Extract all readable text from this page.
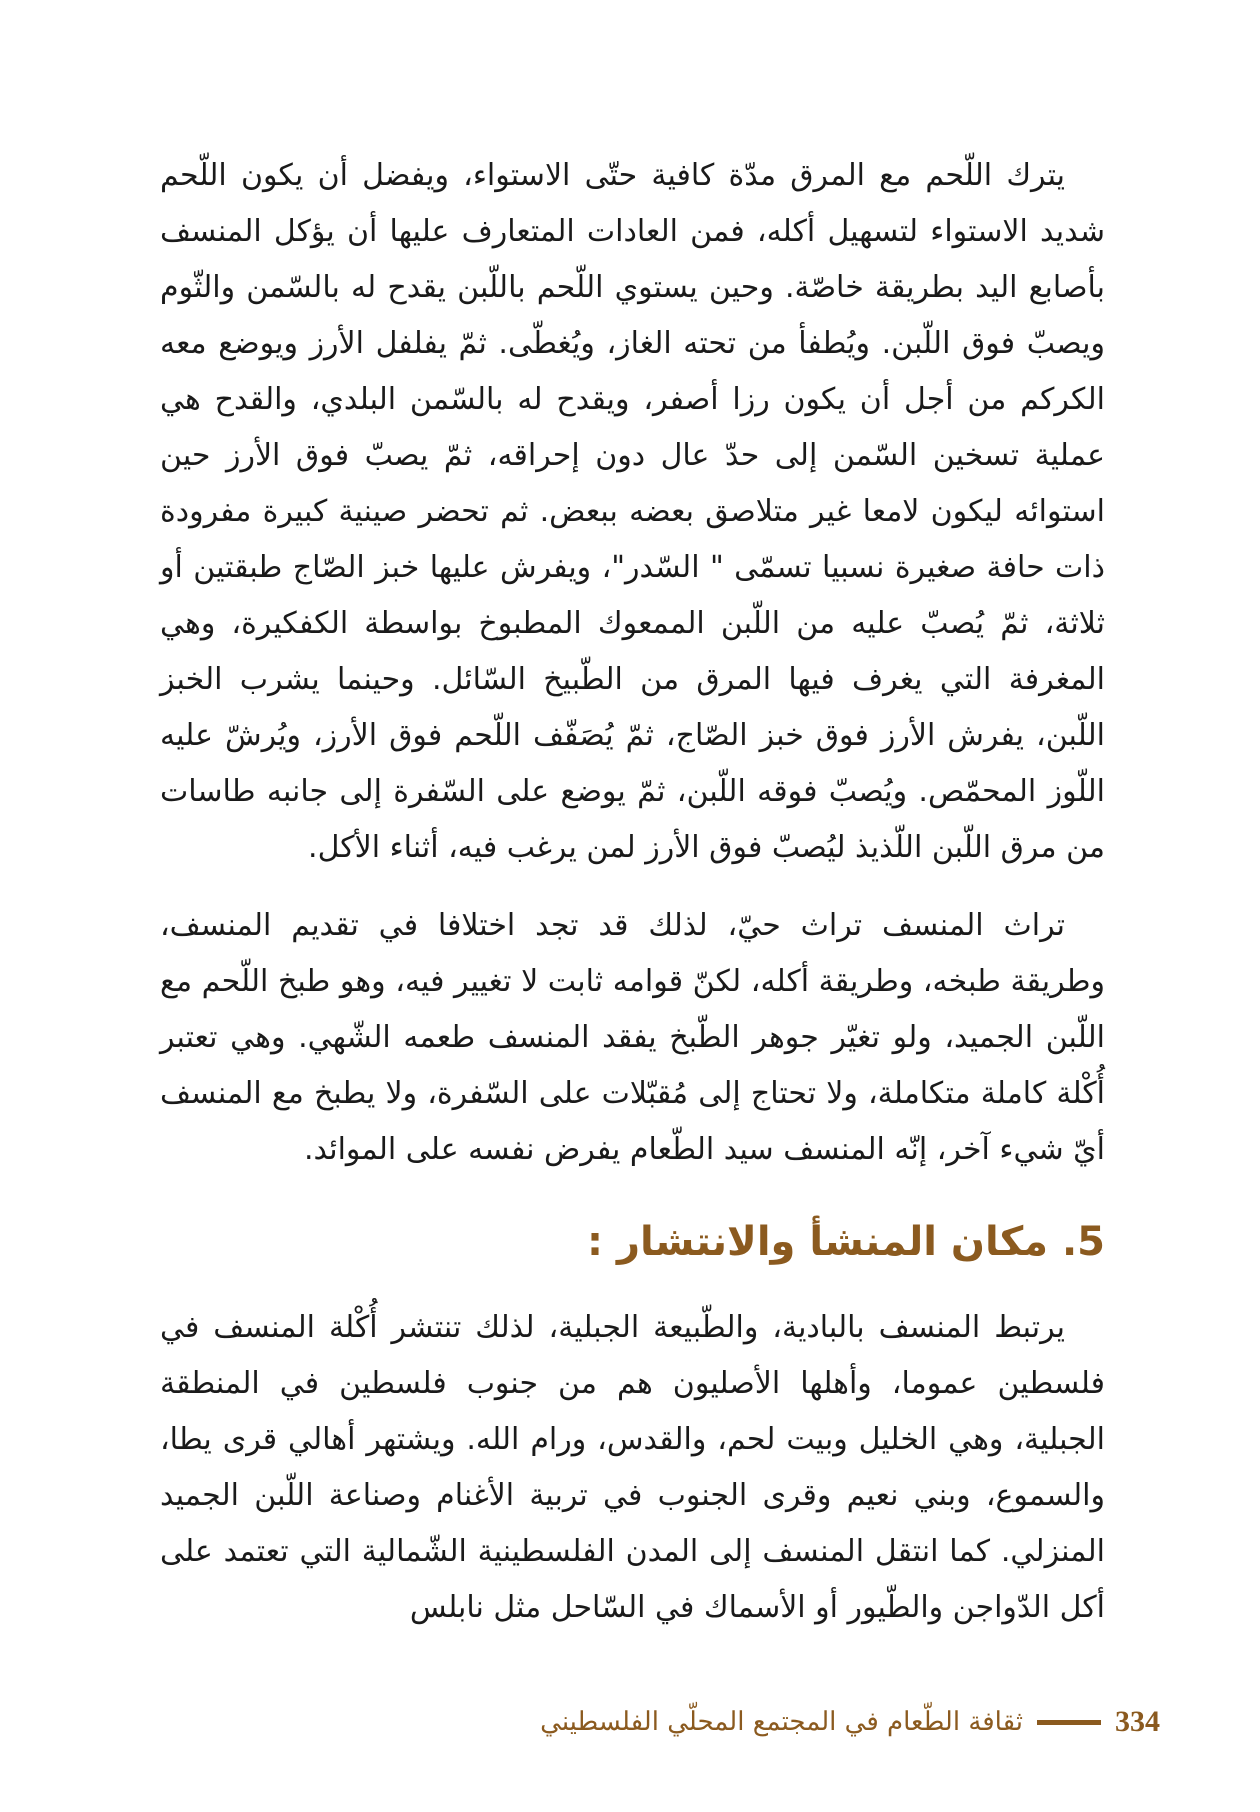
يترك اللّحم مع المرق مدّة كافية حتّى الاستواء، ويفضل أن يكون اللّحم شديد الاستواء لتسهيل أكله، فمن العادات المتعارف عليها أن يؤكل المنسف بأصابع اليد بطريقة خاصّة. وحين يستوي اللّحم باللّبن يقدح له بالسّمن والثّوم ويصبّ فوق اللّبن. ويُطفأ من تحته الغاز، ويُغطّى. ثمّ يفلفل الأرز ويوضع معه الكركم من أجل أن يكون رزا أصفر، ويقدح له بالسّمن البلدي، والقدح هي عملية تسخين السّمن إلى حدّ عال دون إحراقه، ثمّ يصبّ فوق الأرز حين استوائه ليكون لامعا غير متلاصق بعضه ببعض. ثم تحضر صينية كبيرة مفرودة ذات حافة صغيرة نسبيا تسمّى " السّدر"، ويفرش عليها خبز الصّاج طبقتين أو ثلاثة، ثمّ يُصبّ عليه من اللّبن الممعوك المطبوخ بواسطة الكفكيرة، وهي المغرفة التي يغرف فيها المرق من الطّبيخ السّائل. وحينما يشرب الخبز اللّبن، يفرش الأرز فوق خبز الصّاج، ثمّ يُصَفّف اللّحم فوق الأرز، ويُرشّ عليه اللّوز المحمّص. ويُصبّ فوقه اللّبن، ثمّ يوضع على السّفرة إلى جانبه طاسات من مرق اللّبن اللّذيذ ليُصبّ فوق الأرز لمن يرغب فيه، أثناء الأكل.

تراث المنسف تراث حيّ، لذلك قد تجد اختلافا في تقديم المنسف، وطريقة طبخه، وطريقة أكله، لكنّ قوامه ثابت لا تغيير فيه، وهو طبخ اللّحم مع اللّبن الجميد، ولو تغيّر جوهر الطّبخ يفقد المنسف طعمه الشّهي. وهي تعتبر أُكْلة كاملة متكاملة، ولا تحتاج إلى مُقبّلات على السّفرة، ولا يطبخ مع المنسف أيّ شيء آخر، إنّه المنسف سيد الطّعام يفرض نفسه على الموائد.

5. مكان المنشأ والانتشار :

يرتبط المنسف بالبادية، والطّبيعة الجبلية، لذلك تنتشر أُكْلة المنسف في فلسطين عموما، وأهلها الأصليون هم من جنوب فلسطين في المنطقة الجبلية، وهي الخليل وبيت لحم، والقدس، ورام الله. ويشتهر أهالي قرى يطا، والسموع، وبني نعيم وقرى الجنوب في تربية الأغنام وصناعة اللّبن الجميد المنزلي. كما انتقل المنسف إلى المدن الفلسطينية الشّمالية التي تعتمد على أكل الدّواجن والطّيور أو الأسماك في السّاحل مثل نابلس

ثقافة الطّعام في المجتمع المحلّي الفلسطيني	334
